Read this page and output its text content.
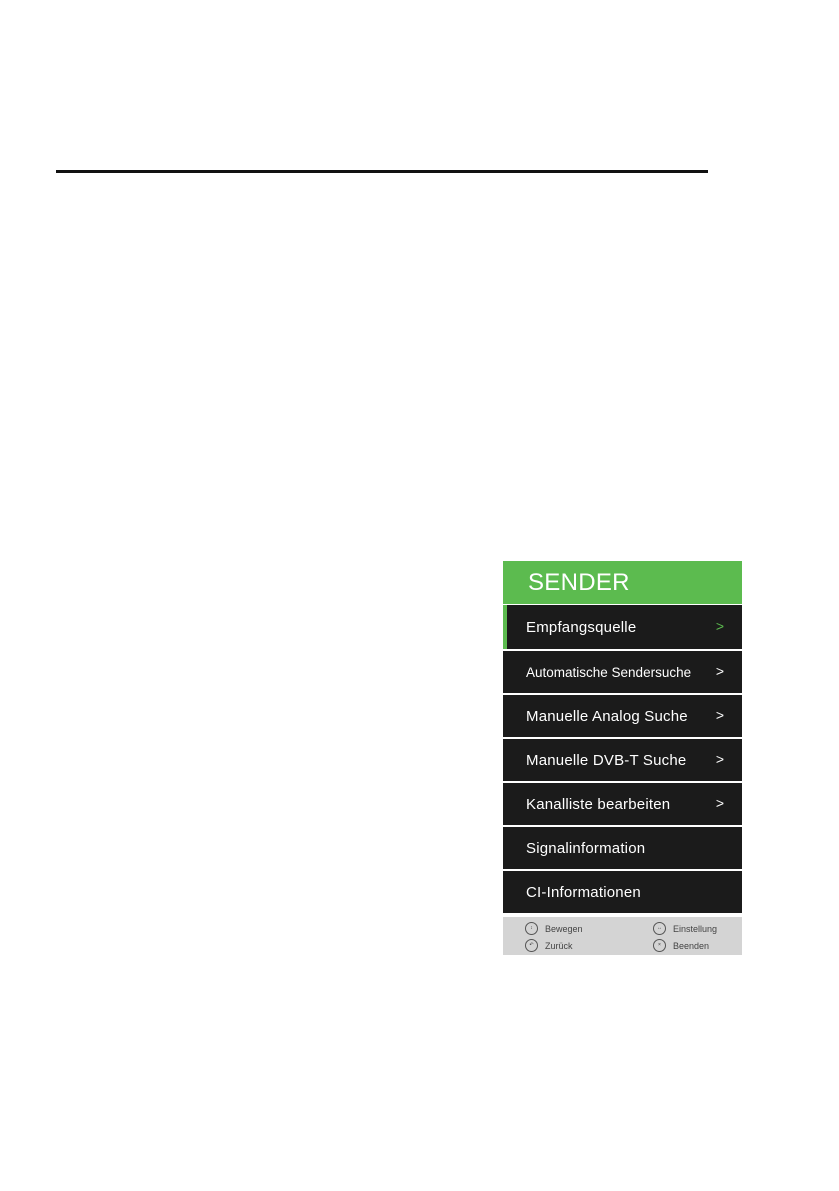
SENDER
Empfangsquelle	>
Automatische Sendersuche >
Manuelle Analog Suche >
Manuelle DVB-T Suche >
Kanalliste bearbeiten	>
Signalinformation
CI-Informationen
↕	Bewegen
↶	Zurück
↔	Einstellung
×	Beenden
